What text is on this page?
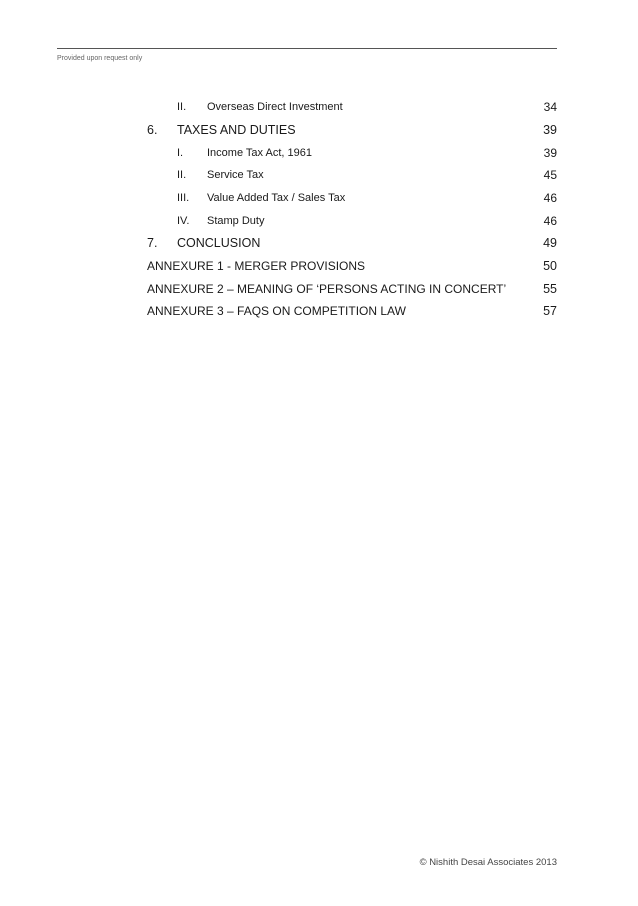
Provided upon request only
II. Overseas Direct Investment	34
6. TAXES AND DUTIES	39
I. Income Tax Act, 1961	39
II. Service Tax	45
III. Value Added Tax / Sales Tax	46
IV. Stamp Duty	46
7. CONCLUSION	49
ANNEXURE 1 - MERGER PROVISIONS	50
ANNEXURE 2 – MEANING OF ‘PERSONS ACTING IN CONCERT’	55
ANNEXURE 3 – FAQS ON COMPETITION LAW	57
© Nishith Desai Associates 2013
